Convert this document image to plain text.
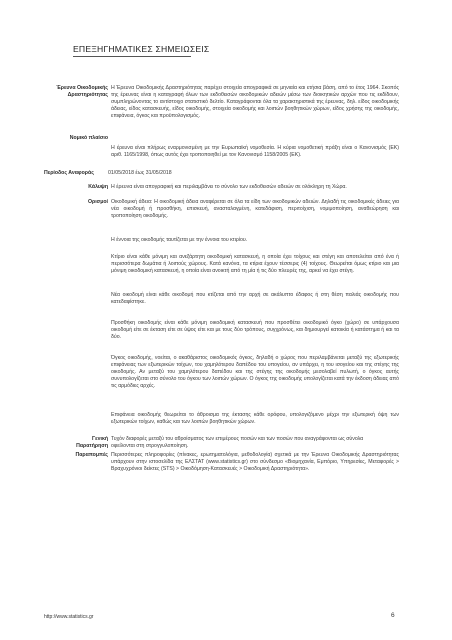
ΕΠΕΞΗΓΗΜΑΤΙΚΕΣ ΣΗΜΕΙΩΣΕΙΣ
Έρευνα Οικοδομικής
Δραστηριότητας
Η Έρευνα Οικοδομικής Δραστηριότητας παρέχει στοιχεία απογραφικά σε μηνιαία και ετήσια βάση, από το έτος 1964. Σκοπός της έρευνας είναι η καταγραφή όλων των εκδοθεισών οικοδομικών αδειών μέσω των διοικητικών αρχών που τις εκδίδουν, συμπληρώνοντας το αντίστοιχο στατιστικό δελτίο. Καταγράφονται όλα τα χαρακτηριστικά της έρευνας, δηλ. είδος οικοδομικής άδειας, είδος κατασκευής, είδος οικοδομής, στοιχεία οικοδομής και λοιπών βοηθητικών χώρων, είδος χρήσης της οικοδομής, επιφάνεια, όγκος και προϋπολογισμός.
Νομικό πλαίσιο
Η έρευνα είναι πλήρως εναρμονισμένη με την Ευρωπαϊκή νομοθεσία. Η κύρια νομοθετική πράξη είναι ο Κανονισμός (ΕΚ) αριθ. 1165/1998, όπως αυτός έχει τροποποιηθεί με τον Κανονισμό 1158/2005 (ΕΚ).
Περίοδος Αναφοράς	01/05/2018 έως 31/05/2018
Κάλυψη Η έρευνα είναι απογραφική και περιλαμβάνει το σύνολο των εκδοθεισών αδειών σε ολόκληρη τη Χώρα.
Ορισμοί Οικοδομική άδεια: Η οικοδομική άδεια αναφέρεται σε όλα τα είδη των οικοδομικών αδειών. Δηλαδή τις οικοδομικές άδειες για νέα οικοδομή ή προσθήκη, επισκευή, ανασταλαγμένη, κατεδάφιση, περιτοίχιση, νομιμοποίηση, αναθεώρηση και τροποποίηση οικοδομής.
Η έννοια της οικοδομής ταυτίζεται με την έννοια του κτιρίου.
Κτίριο είναι κάθε μόνιμη και ανεξάρτητη οικοδομική κατασκευή, η οποία έχει τοίχους και στέγη και αποτελείται από ένα ή περισσότερα δωμάτια ή λοιπούς χώρους. Κατά κανόνα, τα κτίρια έχουν τέσσερις (4) τοίχους. Θεωρείται όμως κτίριο και μια μόνιμη οικοδομική κατασκευή, η οποία είναι ανοικτή από τη μία ή τις δύο πλευρές της, αρκεί να έχει στέγη.
Νέα οικοδομή είναι κάθε οικοδομή που κτίζεται από την αρχή σε ακάλυπτο έδαφος ή στη θέση παλιάς οικοδομής που κατεδαφίστηκε.
Προσθήκη οικοδομής είναι κάθε μόνιμη οικοδομική κατασκευή που προσθέτει οικοδομικό όγκο (χώρο) σε υπάρχουσα οικοδομή είτε σε έκταση είτε σε ύψος είτε και με τους δύο τρόπους, συγχρόνως, και δημιουργεί κατοικία ή κατάστημα ή και τα δύο.
Όγκος οικοδομής, νοείται, ο ακαθάριστος οικοδομικός όγκος, δηλαδή ο χώρος που περιλαμβάνεται μεταξύ της εξωτερικής επιφάνειας των εξωτερικών τοίχων, του χαμηλότερου δαπέδου του υπογείου, αν υπάρχει, η του ισογείου και της στέγης της οικοδομής. Αν μεταξύ του χαμηλότερου δαπέδου και της στέγης της οικοδομής μεσολαβεί πυλωτή, ο όγκος αυτής συνυπολογίζεται στο σύνολο του όγκου των λοιπών χώρων. Ο όγκος της οικοδομής υπολογίζεται κατά την έκδοση άδειας από τις αρμόδιες αρχές.
Επιφάνεια οικοδομής θεωρείται το άθροισμα της έκτασης κάθε ορόφου, υπολογιζόμενο μέχρι την εξωτερική όψη των εξωτερικών τοίχων, καθώς και των λοιπών βοηθητικών χώρων.
Γενική Τυχόν διαφορές μεταξύ του αθροίσματος των επιμέρους ποσών και των ποσών που αναγράφονται ως σύνολα
Παρατήρηση οφείλονται στη στρογγυλοποίηση.
Παραπομπές Περισσότερες πληροφορίες (πίνακες, ερωτηματολόγια, μεθοδολογία) σχετικά με την Έρευνα Οικοδομικής Δραστηριότητας υπάρχουν στην ιστοσελίδα της ΕΛΣΤΑΤ (www.statistics.gr) στο σύνδεσμο «Βιομηχανία, Εμπόριο, Υπηρεσίες, Μεταφορές > Βραχυχρόνιοι δείκτες (STS) > Οικοδόμηση-Κατασκευές > Οικοδομική Δραστηριότητα».
http://www.statistics.gr	6
